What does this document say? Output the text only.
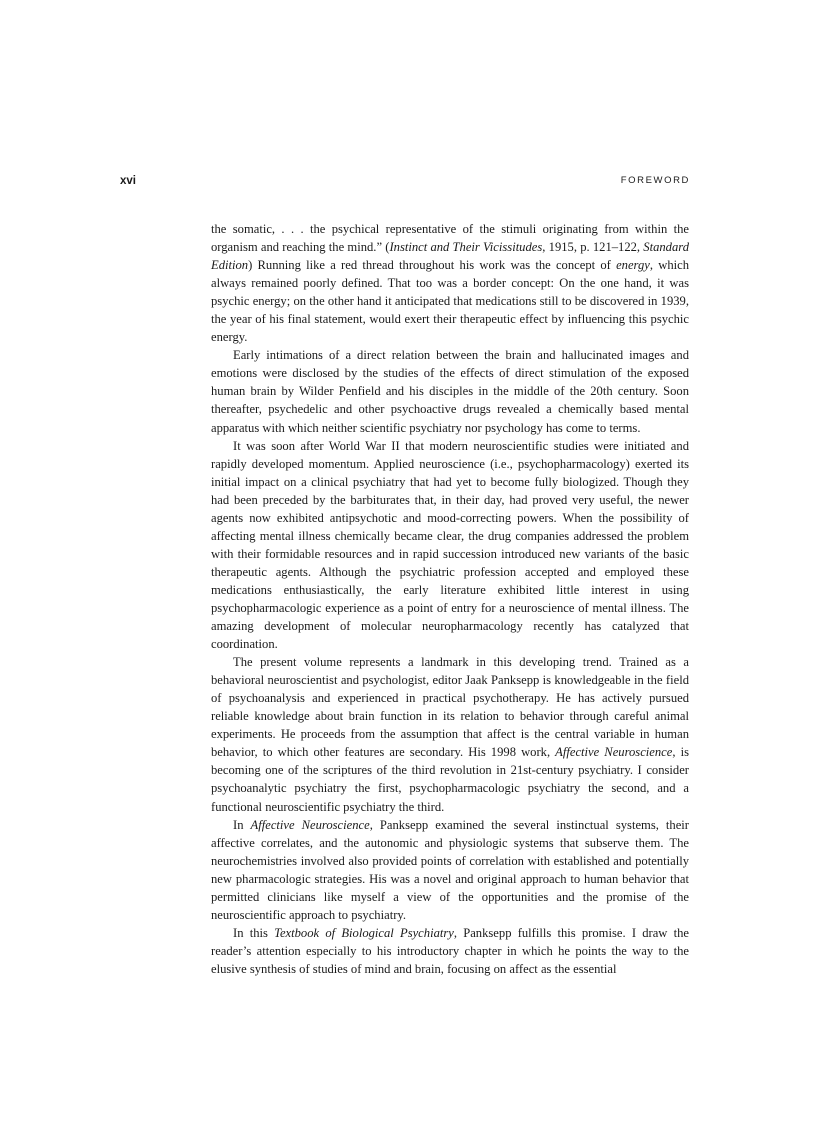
xvi	FOREWORD

the somatic, . . . the psychical representative of the stimuli originating from within the organism and reaching the mind.” (Instinct and Their Vicissitudes, 1915, p. 121–122, Standard Edition) Running like a red thread throughout his work was the concept of energy, which always remained poorly defined. That too was a border concept: On the one hand, it was psychic energy; on the other hand it anticipated that medications still to be discovered in 1939, the year of his final statement, would exert their therapeutic effect by influencing this psychic energy.

Early intimations of a direct relation between the brain and hallucinated images and emotions were disclosed by the studies of the effects of direct stimulation of the exposed human brain by Wilder Penfield and his disciples in the middle of the 20th century. Soon thereafter, psychedelic and other psychoactive drugs revealed a chemically based mental apparatus with which neither scientific psychiatry nor psychology has come to terms.

It was soon after World War II that modern neuroscientific studies were initiated and rapidly developed momentum. Applied neuroscience (i.e., psychopharmacology) exerted its initial impact on a clinical psychiatry that had yet to become fully biologized. Though they had been preceded by the barbiturates that, in their day, had proved very useful, the newer agents now exhibited antipsychotic and mood-correcting powers. When the possibility of affecting mental illness chemically became clear, the drug companies addressed the problem with their formidable resources and in rapid succession introduced new variants of the basic therapeutic agents. Although the psychiatric profession accepted and employed these medications enthusiastically, the early literature exhibited little interest in using psychopharmacologic experience as a point of entry for a neuroscience of mental illness. The amazing development of molecular neuropharmacology recently has catalyzed that coordination.

The present volume represents a landmark in this developing trend. Trained as a behavioral neuroscientist and psychologist, editor Jaak Panksepp is knowledgeable in the field of psychoanalysis and experienced in practical psychotherapy. He has actively pursued reliable knowledge about brain function in its relation to behavior through careful animal experiments. He proceeds from the assumption that affect is the central variable in human behavior, to which other features are secondary. His 1998 work, Affective Neuroscience, is becoming one of the scriptures of the third revolution in 21st-century psychiatry. I consider psychoanalytic psychiatry the first, psychopharmacologic psychiatry the second, and a functional neuroscientific psychiatry the third.

In Affective Neuroscience, Panksepp examined the several instinctual systems, their affective correlates, and the autonomic and physiologic systems that subserve them. The neurochemistries involved also provided points of correlation with established and potentially new pharmacologic strategies. His was a novel and original approach to human behavior that permitted clinicians like myself a view of the opportunities and the promise of the neuroscientific approach to psychiatry.

In this Textbook of Biological Psychiatry, Panksepp fulfills this promise. I draw the reader’s attention especially to his introductory chapter in which he points the way to the elusive synthesis of studies of mind and brain, focusing on affect as the essential
